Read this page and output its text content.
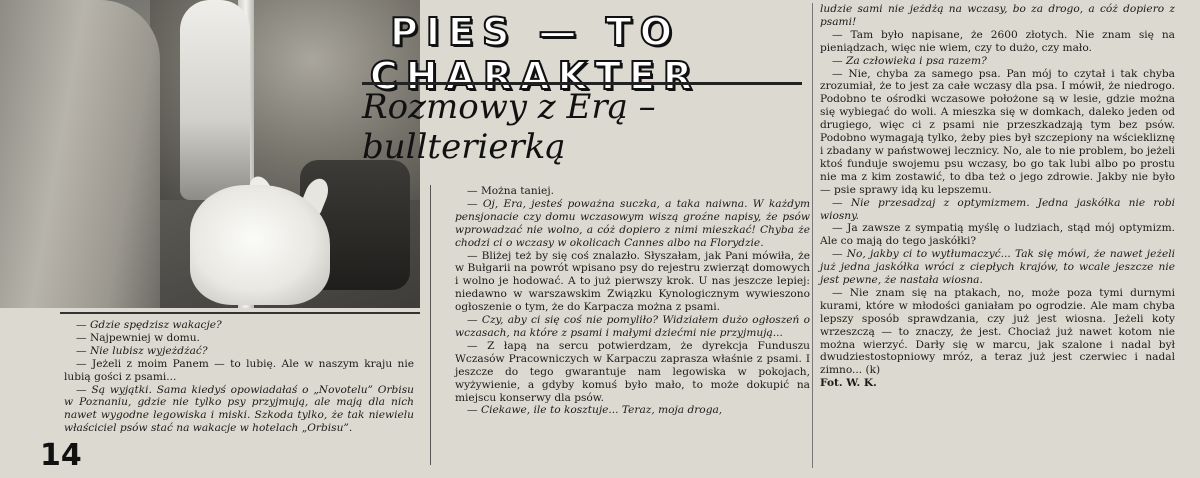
PIES — TO CHARAKTER
Rozmowy z Erą – bullterierką

— Gdzie spędzisz wakacje?

— Najpewniej w domu.

— Nie lubisz wyjeżdżać?

— Jeżeli z moim Panem — to lubię. Ale w naszym kraju nie lubią gości z psami...

— Są wyjątki. Sama kiedyś opowiadałaś o „Novotelu” Orbisu w Poznaniu, gdzie nie tylko psy przyjmują, ale mają dla nich nawet wygodne legowiska i miski. Szkoda tylko, że tak niewielu właściciel psów stać na wakacje w hotelach „Orbisu”.

— Można taniej.

— Oj, Era, jesteś poważna suczka, a taka naiwna. W każdym pensjonacie czy domu wczasowym wiszą groźne napisy, że psów wprowadzać nie wolno, a cóż dopiero z nimi mieszkać! Chyba że chodzi ci o wczasy w okolicach Cannes albo na Florydzie.

— Bliżej też by się coś znalazło. Słyszałam, jak Pani mówiła, że w Bułgarii na powrót wpisano psy do rejestru zwierząt domowych i wolno je hodować. A to już pierwszy krok. U nas jeszcze lepiej: niedawno w warszawskim Związku Kynologicznym wywieszono ogłoszenie o tym, że do Karpacza można z psami.

— Czy, aby ci się coś nie pomyliło? Widziałem dużo ogłoszeń o wczasach, na które z psami i małymi dziećmi nie przyjmują...

— Z łapą na sercu potwierdzam, że dyrekcja Funduszu Wczasów Pracowniczych w Karpaczu zaprasza właśnie z psami. I jeszcze do tego gwarantuje nam legowiska w pokojach, wyżywienie, a gdyby komuś było mało, to może dokupić na miejscu konserwy dla psów.

— Ciekawe, ile to kosztuje... Teraz, moja droga,

ludzie sami nie jeżdżą na wczasy, bo za drogo, a cóż dopiero z psami!

— Tam było napisane, że 2600 złotych. Nie znam się na pieniądzach, więc nie wiem, czy to dużo, czy mało.

— Za człowieka i psa razem?

— Nie, chyba za samego psa. Pan mój to czytał i tak chyba zrozumiał, że to jest za całe wczasy dla psa. I mówił, że niedrogo. Podobno te ośrodki wczasowe położone są w lesie, gdzie można się wybiegać do woli. A mieszka się w domkach, daleko jeden od drugiego, więc ci z psami nie przeszkadzają tym bez psów. Podobno wymagają tylko, żeby pies był szczepiony na wściekliznę i zbadany w państwowej lecznicy. No, ale to nie problem, bo jeżeli ktoś funduje swojemu psu wczasy, bo go tak lubi albo po prostu nie ma z kim zostawić, to dba też o jego zdrowie. Jakby nie było — psie sprawy idą ku lepszemu.

— Nie przesadzaj z optymizmem. Jedna jaskółka nie robi wiosny.

— Ja zawsze z sympatią myślę o ludziach, stąd mój optymizm. Ale co mają do tego jaskółki?

— No, jakby ci to wytłumaczyć... Tak się mówi, że nawet jeżeli już jedna jaskółka wróci z ciepłych krajów, to wcale jeszcze nie jest pewne, że nastała wiosna.

— Nie znam się na ptakach, no, może poza tymi durnymi kurami, które w młodości ganiałam po ogrodzie. Ale mam chyba lepszy sposób sprawdzania, czy już jest wiosna. Jeżeli koty wrzeszczą — to znaczy, że jest. Chociaż już nawet kotom nie można wierzyć. Darły się w marcu, jak szalone i nadal był dwudziestostopniowy mróz, a teraz już jest czerwiec i nadal zimno... (k)

Fot. W. K.

14
